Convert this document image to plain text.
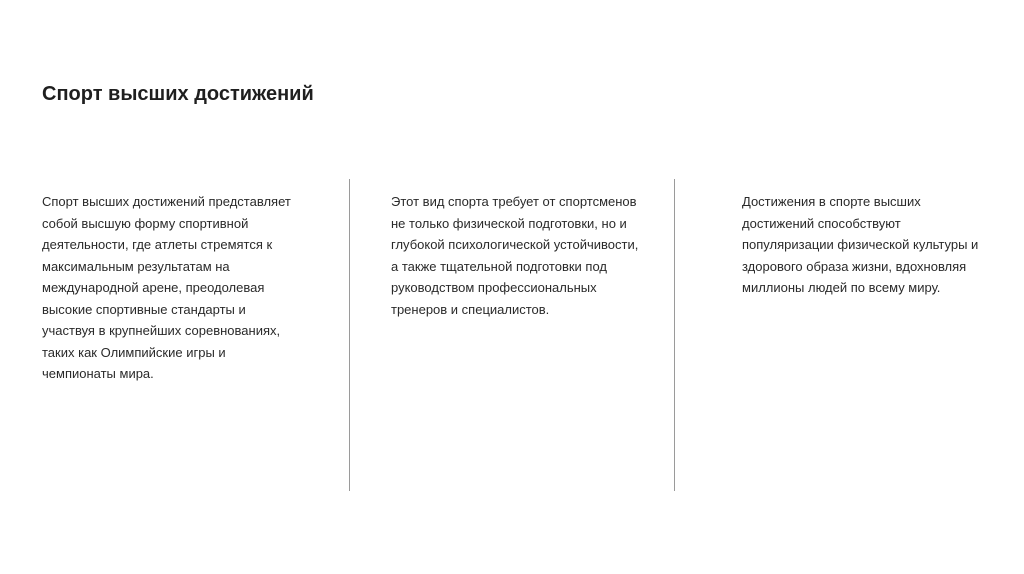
Спорт высших достижений
Спорт высших достижений представляет
собой высшую форму спортивной
деятельности, где атлеты стремятся к
максимальным результатам на
международной арене, преодолевая
высокие спортивные стандарты и
участвуя в крупнейших соревнованиях,
таких как Олимпийские игры и
чемпионаты мира.
Этот вид спорта требует от спортсменов
не только физической подготовки, но и
глубокой психологической устойчивости,
а также тщательной подготовки под
руководством профессиональных
тренеров и специалистов.
Достижения в спорте высших
достижений способствуют
популяризации физической культуры и
здорового образа жизни, вдохновляя
миллионы людей по всему миру.
